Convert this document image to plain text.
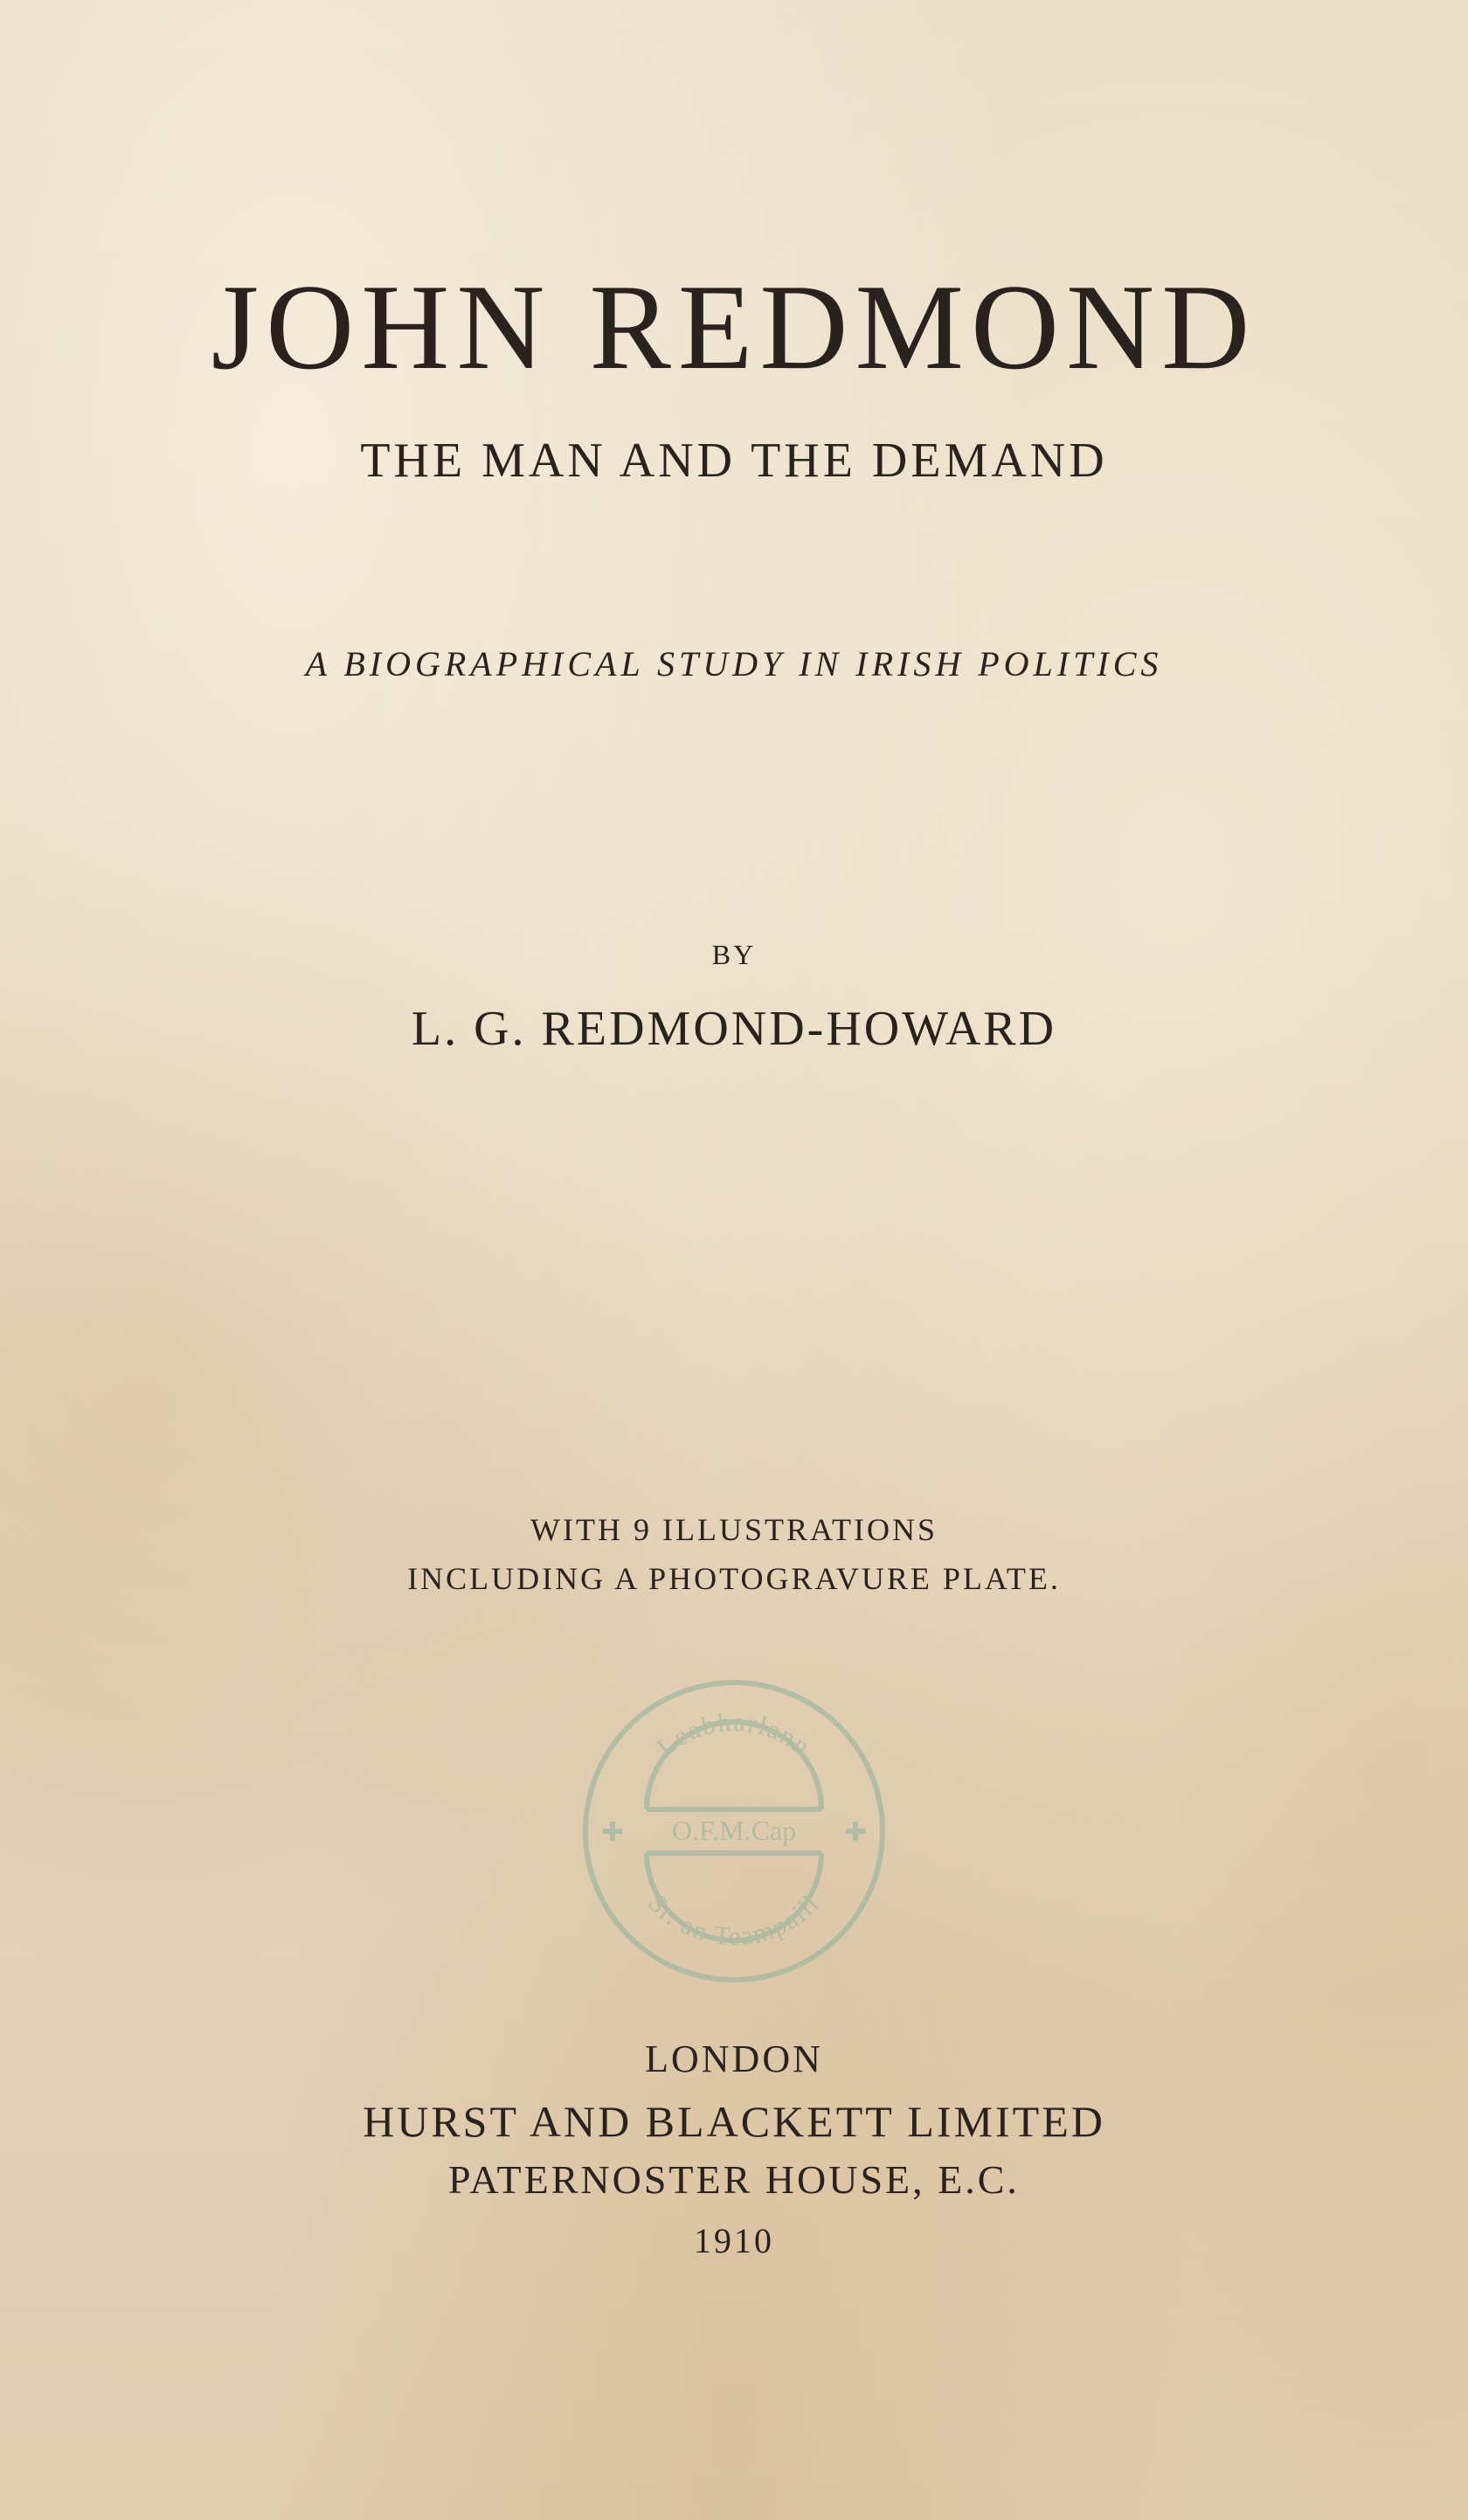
JOHN REDMOND
THE MAN AND THE DEMAND
A BIOGRAPHICAL STUDY IN IRISH POLITICS
BY
L. G. REDMOND-HOWARD
WITH 9 ILLUSTRATIONS
INCLUDING A PHOTOGRAVURE PLATE.
Leabharlann
O.F.M.Cap
Sr. an Teampaill
LONDON
HURST AND BLACKETT LIMITED
PATERNOSTER HOUSE, E.C.
1910
